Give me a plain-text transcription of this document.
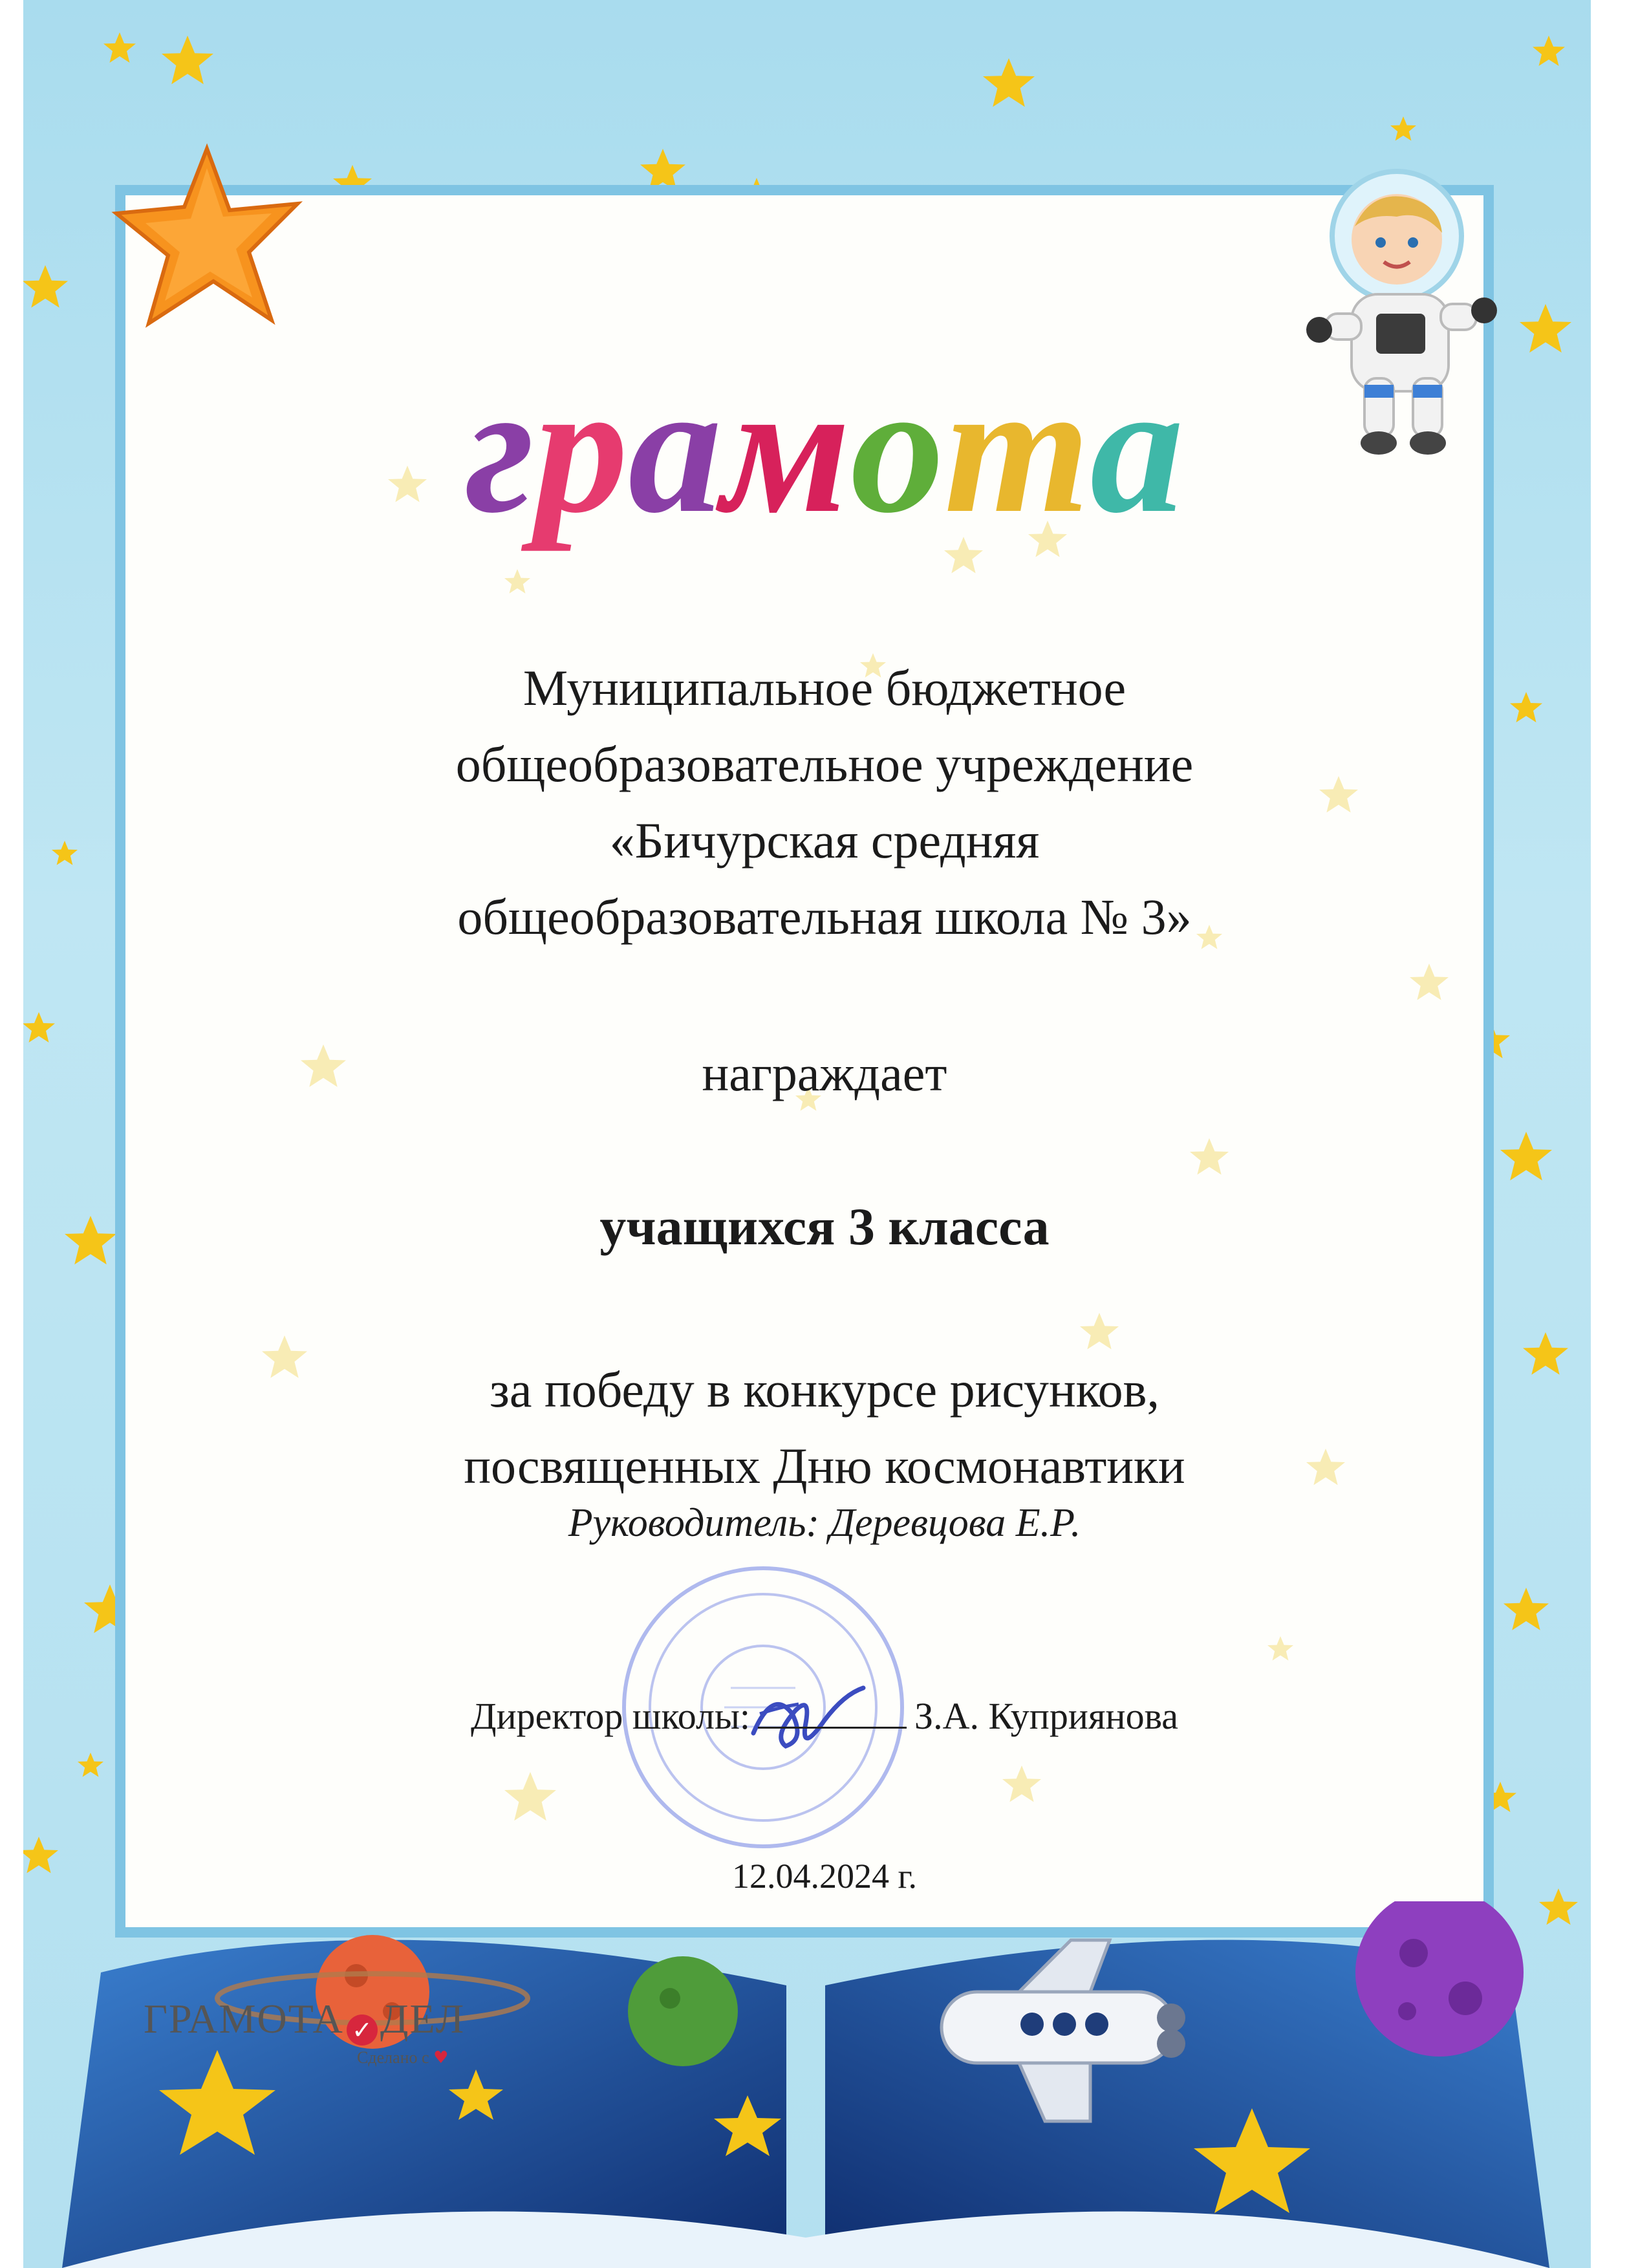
грамота
Муниципальное бюджетное
общеобразовательное учреждение
«Бичурская средняя
общеобразовательная школа № 3»
награждает
учащихся 3 класса
за победу в конкурсе рисунков,
посвященных Дню космонавтики
Руководитель: Деревцова Е.Р.
Директор школы:	З.А. Куприянова
12.04.2024 г.
ГРАМОТА ✓ ДЕЛ
Сделано с ♥
